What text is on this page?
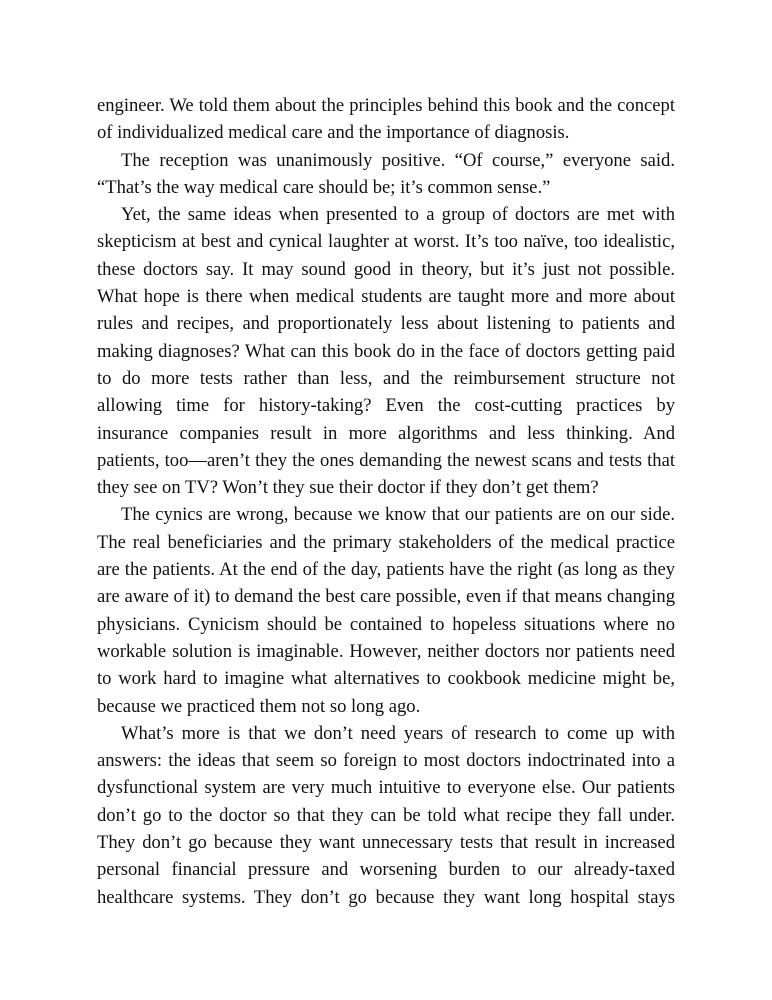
engineer. We told them about the principles behind this book and the concept of individualized medical care and the importance of diagnosis.

The reception was unanimously positive. “Of course,” everyone said. “That’s the way medical care should be; it’s common sense.”

Yet, the same ideas when presented to a group of doctors are met with skepticism at best and cynical laughter at worst. It’s too naïve, too idealistic, these doctors say. It may sound good in theory, but it’s just not possible. What hope is there when medical students are taught more and more about rules and recipes, and proportionately less about listening to patients and making diagnoses? What can this book do in the face of doctors getting paid to do more tests rather than less, and the reimbursement structure not allowing time for history-taking? Even the cost-cutting practices by insurance companies result in more algorithms and less thinking. And patients, too—aren’t they the ones demanding the newest scans and tests that they see on TV? Won’t they sue their doctor if they don’t get them?

The cynics are wrong, because we know that our patients are on our side. The real beneficiaries and the primary stakeholders of the medical practice are the patients. At the end of the day, patients have the right (as long as they are aware of it) to demand the best care possible, even if that means changing physicians. Cynicism should be contained to hopeless situations where no workable solution is imaginable. However, neither doctors nor patients need to work hard to imagine what alternatives to cookbook medicine might be, because we practiced them not so long ago.

What’s more is that we don’t need years of research to come up with answers: the ideas that seem so foreign to most doctors indoctrinated into a dysfunctional system are very much intuitive to everyone else. Our patients don’t go to the doctor so that they can be told what recipe they fall under. They don’t go because they want unnecessary tests that result in increased personal financial pressure and worsening burden to our already-taxed healthcare systems. They don’t go because they want long hospital stays
